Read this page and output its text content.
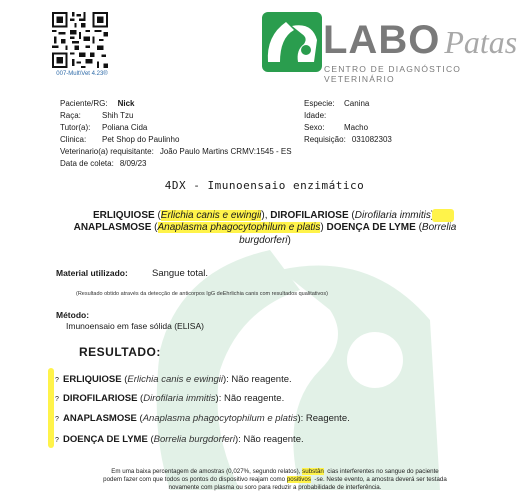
007-Mult\Vet 4.23®
LABO Patas
CENTRO DE DIAGNÓSTICO VETERINÁRIO
Paciente/RG: Nick
Raça:	Shih Tzu
Tutor(a): Poliana Cida
Clinica: Pet Shop do Paulinho
Veterinario(a) requisitante: João Paulo Martins CRMV:1545 - ES
Data de coleta: 8/09/23
Especie: Canina
Idade:
Sexo: Macho
Requisição: 031082303
4DX - Imunoensaio enzimático
ERLIQUIOSE (Erlichia canis e ewingii), DIROFILARIOSE (Dirofilaria immitis
ANAPLASMOSE (Anaplasma phagocytophilum e platis) DOENÇA DE LYME (Borrelia burgdorferi)
Material utilizado:	Sangue total.
(Resultado obtido através da detecção de anticorpos IgG deEhrlichia canis com resultados qualitativos)
Método:
Imunoensaio em fase sólida (ELISA)
RESULTADO:
? ERLIQUIOSE (Erlichia canis e ewingii): Não reagente.
? DIROFILARIOSE (Dirofilaria immitis): Não reagente.
? ANAPLASMOSE (Anaplasma phagocytophilum e platis): Reagente.
? DOENÇA DE LYME (Borrelia burgdorferi): Não reagente.
Em uma baixa percentagem de amostras (0,027%, segundo relatos), substân cias interferentes no sangue do paciente
podem fazer com que todos os pontos do dispositivo reajam como positivos -se. Neste evento, a amostra deverá ser testada
novamente com plasma ou soro para reduzir a probabilidade de interferência.
